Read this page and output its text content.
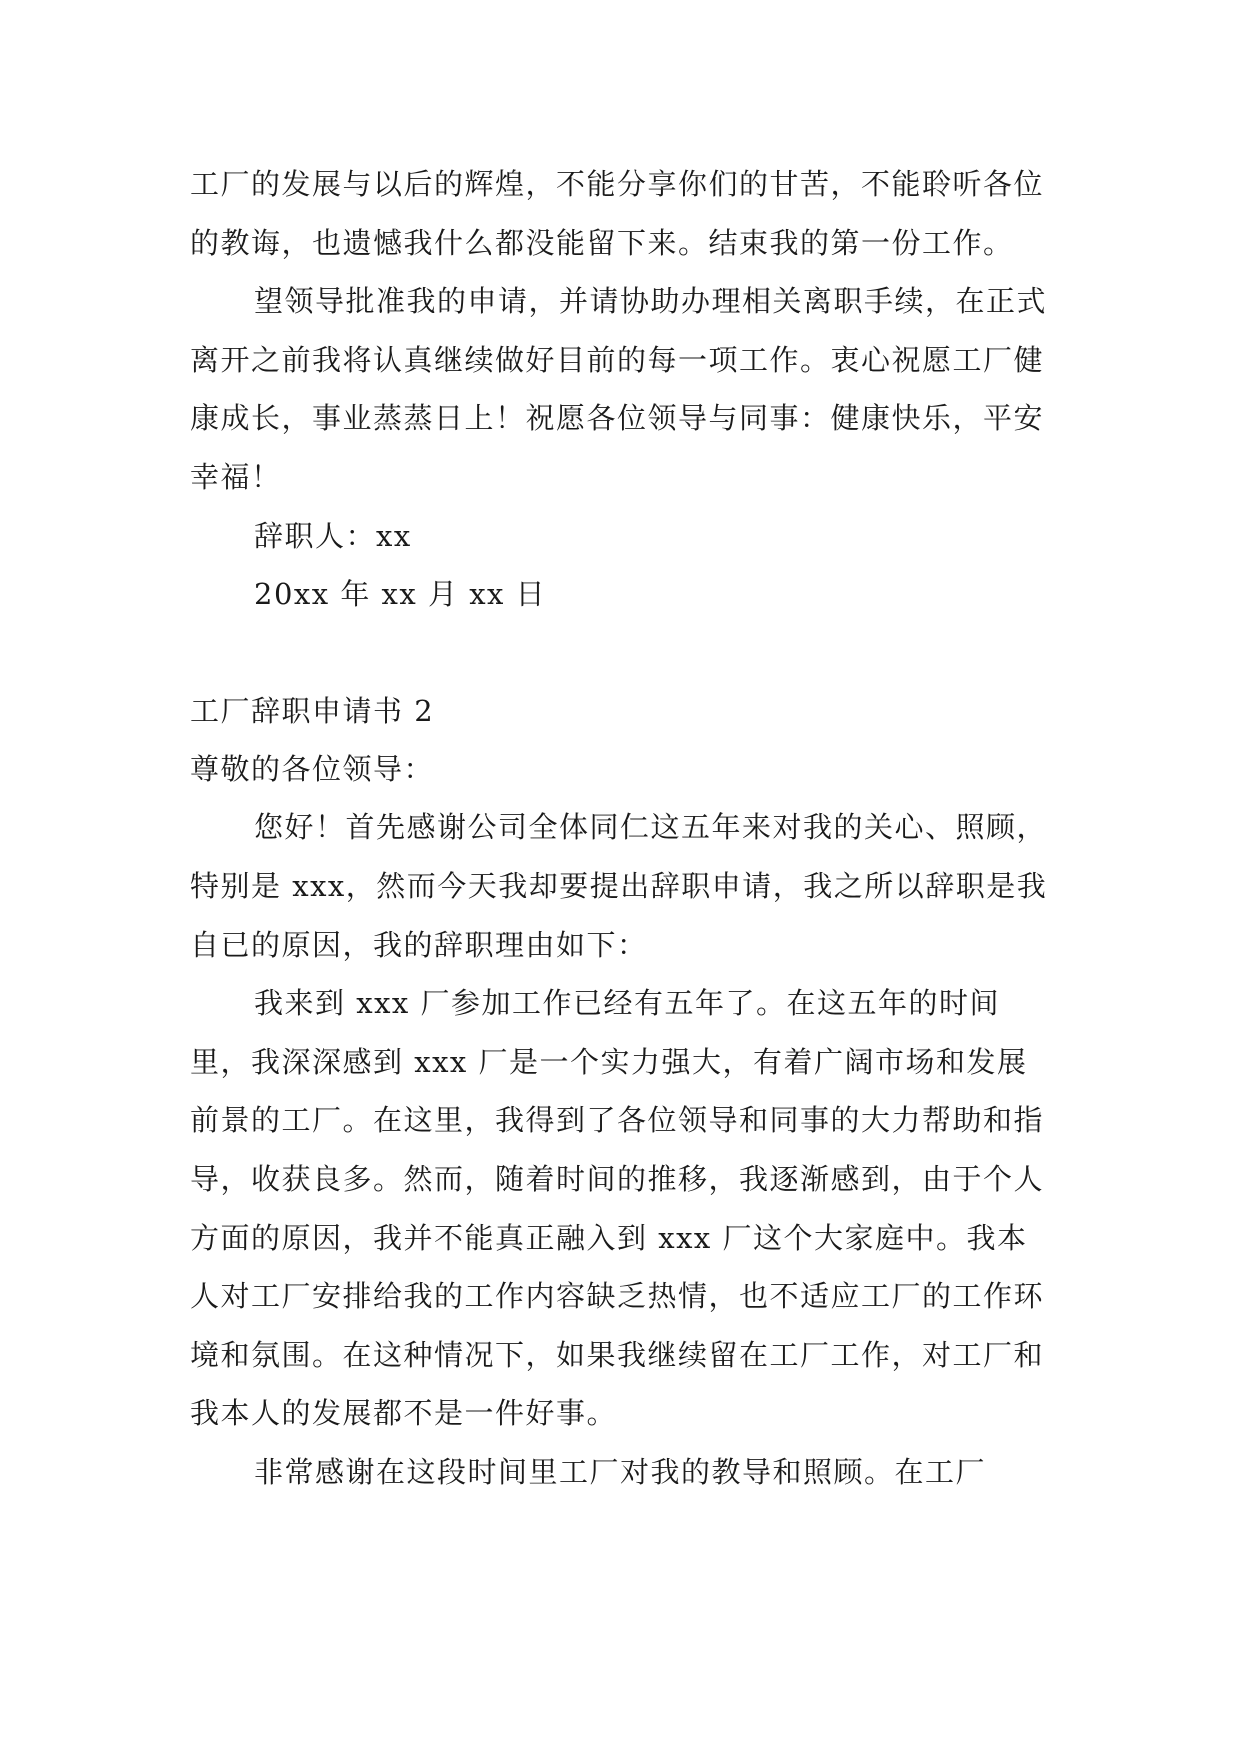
工厂的发展与以后的辉煌，不能分享你们的甘苦，不能聆听各位的教诲，也遗憾我什么都没能留下来。结束我的第一份工作。

望领导批准我的申请，并请协助办理相关离职手续，在正式离开之前我将认真继续做好目前的每一项工作。衷心祝愿工厂健康成长，事业蒸蒸日上！祝愿各位领导与同事：健康快乐，平安幸福！

辞职人：xx

20xx 年 xx 月 xx 日

工厂辞职申请书 2

尊敬的各位领导：

您好！首先感谢公司全体同仁这五年来对我的关心、照顾，特别是 xxx，然而今天我却要提出辞职申请，我之所以辞职是我自已的原因，我的辞职理由如下：

我来到 xxx 厂参加工作已经有五年了。在这五年的时间里，我深深感到 xxx 厂是一个实力强大，有着广阔市场和发展前景的工厂。在这里，我得到了各位领导和同事的大力帮助和指导，收获良多。然而，随着时间的推移，我逐渐感到，由于个人方面的原因，我并不能真正融入到 xxx 厂这个大家庭中。我本人对工厂安排给我的工作内容缺乏热情，也不适应工厂的工作环境和氛围。在这种情况下，如果我继续留在工厂工作，对工厂和我本人的发展都不是一件好事。

非常感谢在这段时间里工厂对我的教导和照顾。在工厂
